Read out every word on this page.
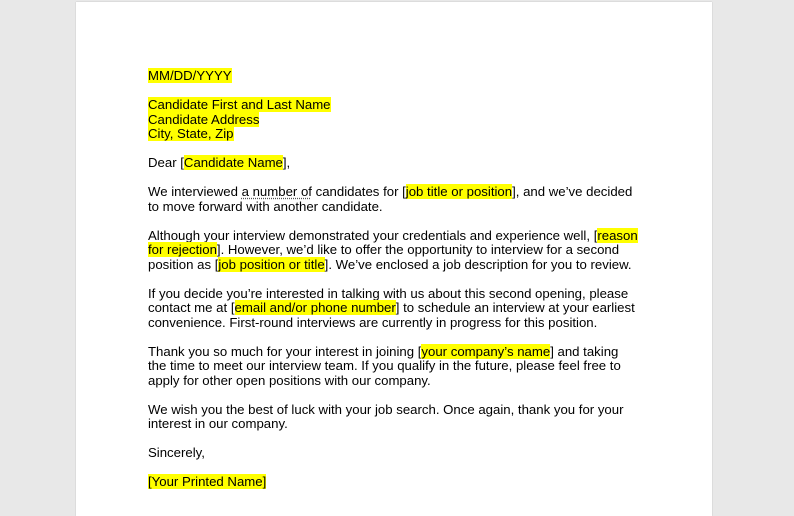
MM/DD/YYYY

Candidate First and Last Name
Candidate Address
City, State, Zip

Dear [Candidate Name],

We interviewed a number of candidates for [job title or position], and we’ve decided to move forward with another candidate.

Although your interview demonstrated your credentials and experience well, [reason for rejection]. However, we’d like to offer the opportunity to interview for a second position as [job position or title]. We’ve enclosed a job description for you to review.

If you decide you’re interested in talking with us about this second opening, please contact me at [email and/or phone number] to schedule an interview at your earliest convenience. First-round interviews are currently in progress for this position.

Thank you so much for your interest in joining [your company’s name] and taking the time to meet our interview team. If you qualify in the future, please feel free to apply for other open positions with our company.

We wish you the best of luck with your job search. Once again, thank you for your interest in our company.

Sincerely,

[Your Printed Name]
